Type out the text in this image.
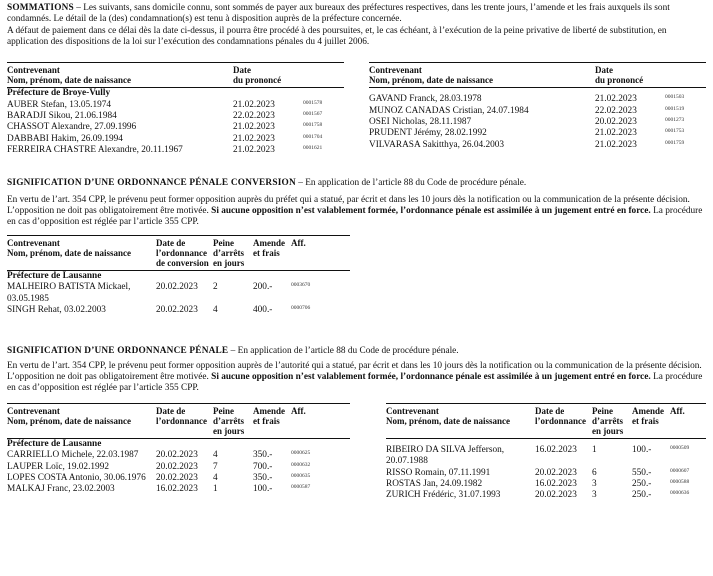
SOMMATIONS – Les suivants, sans domicile connu, sont sommés de payer aux bureaux des préfectures respectives, dans les trente jours, l’amende et les frais auxquels ils sont condamnés. Le détail de la (des) condamnation(s) est tenu à disposition auprès de la préfecture concernée.

A défaut de paiement dans ce délai dès la date ci-dessus, il pourra être procédé à des poursuites, et, le cas échéant, à l’exécution de la peine privative de liberté de substitution, en application des dispositions de la loi sur l’exécution des condamnations pénales du 4 juillet 2006.

Contrevenant
Nom, prénom, date de naissance	Date
du prononcé	
Préfecture de Broye-Vully		
AUBER Stefan, 13.05.1974	21.02.2023	0001578
BARADJI Sikou, 21.06.1984	22.02.2023	0001567
CHASSOT Alexandre, 27.09.1996	21.02.2023	0001758
DABBABI Hakim, 26.09.1994	21.02.2023	0001704
FERREIRA CHASTRE Alexandre, 20.11.1967	21.02.2023	0001621
Contrevenant
Nom, prénom, date de naissance	Date
du prononcé	

GAVAND Franck, 28.03.1978	21.02.2023	0001503
MUNOZ CANADAS Cristian, 24.07.1984	22.02.2023	0001519
OSEI Nicholas, 28.11.1987	20.02.2023	0001273
PRUDENT Jérémy, 28.02.1992	21.02.2023	0001753
VILVARASA Sakitthya, 26.04.2003	21.02.2023	0001759

SIGNIFICATION D’UNE ORDONNANCE PÉNALE CONVERSION – En application de l’article 88 du Code de procédure pénale.

En vertu de l’art. 354 CPP, le prévenu peut former opposition auprès du préfet qui a statué, par écrit et dans les 10 jours dès la notification ou la communication de la présente décision. L’opposition ne doit pas obligatoirement être motivée. Si aucune opposition n’est valablement formée, l’ordonnance pénale est assimilée à un jugement entré en force. La procédure en cas d’opposition est réglée par l’article 355 CPP.

Contrevenant
Nom, prénom, date de naissance	Date de
l’ordonnance
de conversion	Peine
d’arrêts
en jours	Amende
et frais	Aff.
Préfecture de Lausanne				
MALHEIRO BATISTA Mickael, 03.05.1985	20.02.2023	2	200.-	0003670
SINGH Rehat, 03.02.2003	20.02.2023	4	400.-	0000706

SIGNIFICATION D’UNE ORDONNANCE PÉNALE – En application de l’article 88 du Code de procédure pénale.

En vertu de l’art. 354 CPP, le prévenu peut former opposition auprès de l’autorité qui a statué, par écrit et dans les 10 jours dès la notification ou la communication de la présente décision. L’opposition ne doit pas obligatoirement être motivée. Si aucune opposition n’est valablement formée, l’ordonnance pénale est assimilée à un jugement entré en force. La procédure en cas d’opposition est réglée par l’article 355 CPP.

Contrevenant
Nom, prénom, date de naissance	Date de
l’ordonnance	Peine
d’arrêts
en jours	Amende
et frais	Aff.
Préfecture de Lausanne				
CARRIELLO Michele, 22.03.1987	20.02.2023	4	350.-	0000625
LAUPER Loïc, 19.02.1992	20.02.2023	7	700.-	0000632
LOPES COSTA Antonio, 30.06.1976	20.02.2023	4	350.-	0000635
MALKAJ Franc, 23.02.2003	16.02.2023	1	100.-	0000587
Contrevenant
Nom, prénom, date de naissance	Date de
l’ordonnance	Peine
d’arrêts
en jours	Amende
et frais	Aff.

RIBEIRO DA SILVA Jefferson, 20.07.1988	16.02.2023	1	100.-	0000509
RISSO Romain, 07.11.1991	20.02.2023	6	550.-	0000607
ROSTAS Jan, 24.09.1982	16.02.2023	3	250.-	0000588
ZURICH Frédéric, 31.07.1993	20.02.2023	3	250.-	0000636
